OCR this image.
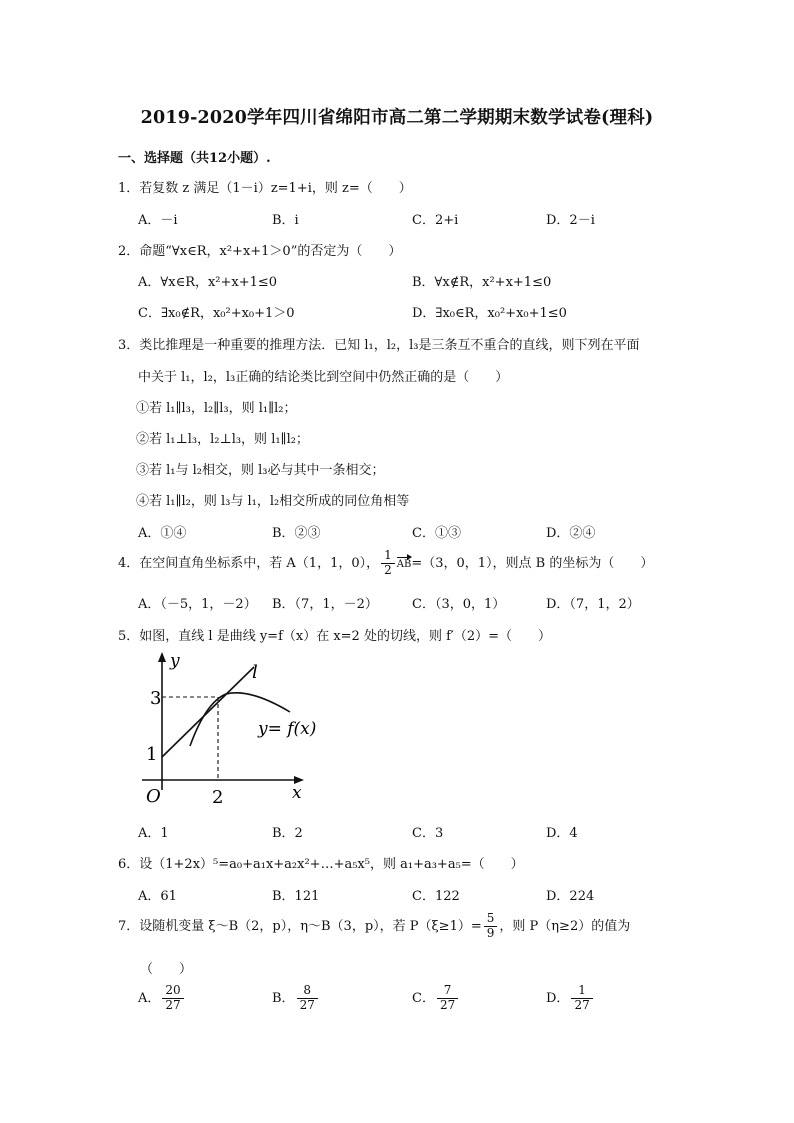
2019-2020学年四川省绵阳市高二第二学期期末数学试卷(理科)
一、选择题（共12小题）.
1．若复数 z 满足（1－i）z=1+i，则 z=（　　）
A．－i	B．i	C．2+i	D．2－i
2．命题“∀x∈R，x²+x+1＞0”的否定为（　　）
A．∀x∈R，x²+x+1≤0	B．∀x∉R，x²+x+1≤0
C．∃x₀∉R，x₀²+x₀+1＞0	D．∃x₀∈R，x₀²+x₀+1≤0
3．类比推理是一种重要的推理方法．已知 l₁，l₂，l₃是三条互不重合的直线，则下列在平面
中关于 l₁，l₂，l₃正确的结论类比到空间中仍然正确的是（　　）
①若 l₁∥l₃，l₂∥l₃，则 l₁∥l₂；
②若 l₁⊥l₃，l₂⊥l₃，则 l₁∥l₂；
③若 l₁与 l₂相交，则 l₃必与其中一条相交；
④若 l₁∥l₂，则 l₃与 l₁，l₂相交所成的同位角相等
A．①④	B．②③	C．①③	D．②④
4．在空间直角坐标系中，若 A（1，1，0）， $\frac{1}{2} AB=(3$，0，1），则点 B 的坐标为（　　）
A．（－5，1，－2） B．（7，1，－2）	C．（3，0，1）	D．（7，1，2）
5．如图，直线 l 是曲线 y=f（x）在 x=2 处的切线，则 f′（2）=（　　）
y
l
3
1
y= f(x)
O	2	x
A．1	B．2	C．3	D．4
6．设（1+2x）⁵=a₀+a₁x+a₂x²+…+a₅x⁵，则 a₁+a₃+a₅=（　　）
A．61	B．121	C．122	D．224
7．设随机变量 ξ～B（2，p），η～B（3，p），若 $P(\xi\ge 1)= \frac{5}{9}$ ，则 P（η≥2）的值为
（　　）
A． $\frac{20}{27}$	B． $\frac{8}{27}$	C． $\frac{7}{27}$	D． $\frac{1}{27}$
